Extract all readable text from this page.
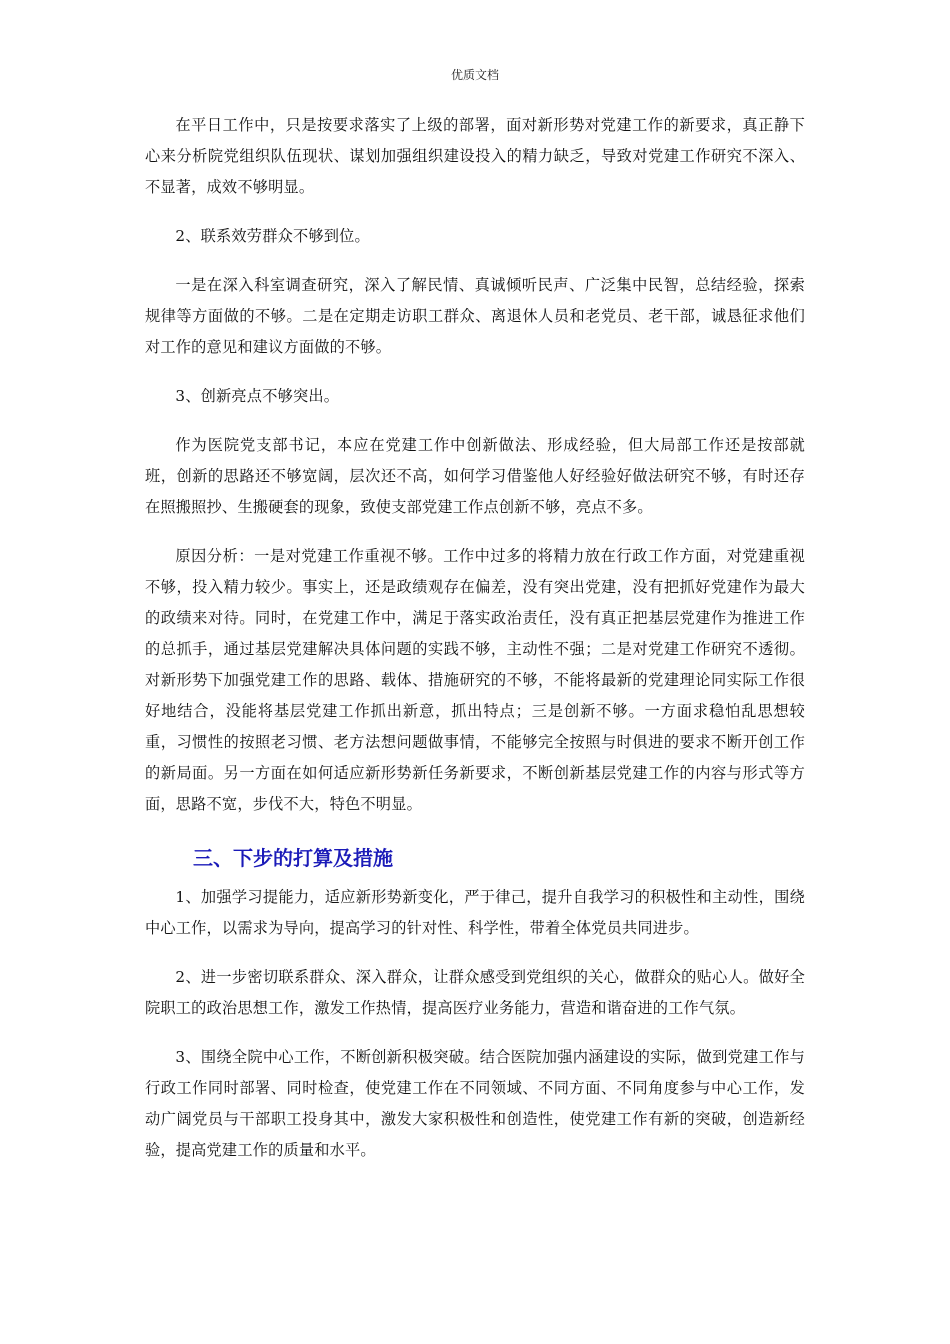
优质文档

在平日工作中，只是按要求落实了上级的部署，面对新形势对党建工作的新要求，真正静下心来分析院党组织队伍现状、谋划加强组织建设投入的精力缺乏，导致对党建工作研究不深入、不显著，成效不够明显。

2、联系效劳群众不够到位。

一是在深入科室调查研究，深入了解民情、真诚倾听民声、广泛集中民智，总结经验，探索规律等方面做的不够。二是在定期走访职工群众、离退休人员和老党员、老干部，诚恳征求他们对工作的意见和建议方面做的不够。

3、创新亮点不够突出。

作为医院党支部书记，本应在党建工作中创新做法、形成经验，但大局部工作还是按部就班，创新的思路还不够宽阔，层次还不高，如何学习借鉴他人好经验好做法研究不够，有时还存在照搬照抄、生搬硬套的现象，致使支部党建工作点创新不够，亮点不多。

原因分析：一是对党建工作重视不够。工作中过多的将精力放在行政工作方面，对党建重视不够，投入精力较少。事实上，还是政绩观存在偏差，没有突出党建，没有把抓好党建作为最大的政绩来对待。同时，在党建工作中，满足于落实政治责任，没有真正把基层党建作为推进工作的总抓手，通过基层党建解决具体问题的实践不够，主动性不强；二是对党建工作研究不透彻。对新形势下加强党建工作的思路、载体、措施研究的不够，不能将最新的党建理论同实际工作很好地结合，没能将基层党建工作抓出新意，抓出特点；三是创新不够。一方面求稳怕乱思想较重，习惯性的按照老习惯、老方法想问题做事情，不能够完全按照与时俱进的要求不断开创工作的新局面。另一方面在如何适应新形势新任务新要求，不断创新基层党建工作的内容与形式等方面，思路不宽，步伐不大，特色不明显。

三、下步的打算及措施

1、加强学习提能力，适应新形势新变化，严于律己，提升自我学习的积极性和主动性，围绕中心工作，以需求为导向，提高学习的针对性、科学性，带着全体党员共同进步。

2、进一步密切联系群众、深入群众，让群众感受到党组织的关心，做群众的贴心人。做好全院职工的政治思想工作，激发工作热情，提高医疗业务能力，营造和谐奋进的工作气氛。

3、围绕全院中心工作，不断创新积极突破。结合医院加强内涵建设的实际，做到党建工作与行政工作同时部署、同时检查，使党建工作在不同领域、不同方面、不同角度参与中心工作，发动广阔党员与干部职工投身其中，激发大家积极性和创造性，使党建工作有新的突破，创造新经验，提高党建工作的质量和水平。
